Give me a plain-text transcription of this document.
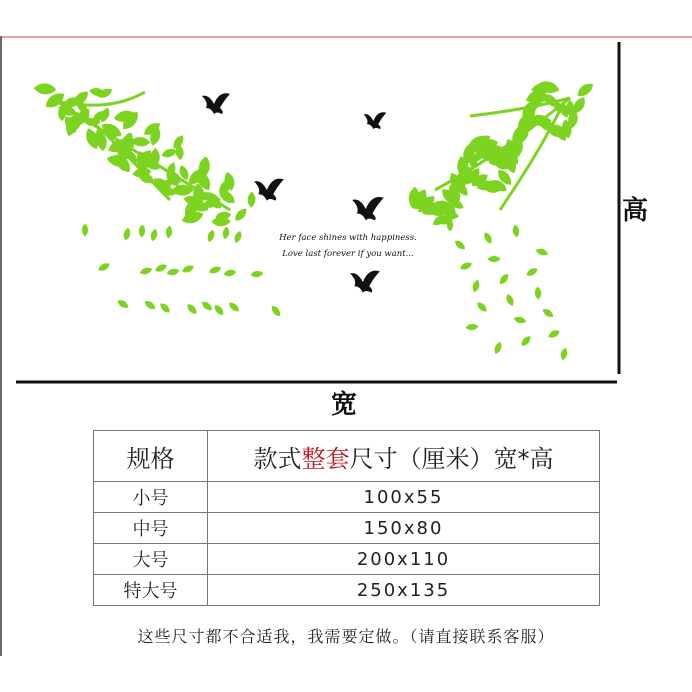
Her face shines with happiness.
Love last forever if you want...
高
宽
规格	款式整套尺寸（厘米）宽*高
小号	100x55
中号	150x80
大号	200x110
特大号	250x135
这些尺寸都不合适我，我需要定做。（请直接联系客服）
